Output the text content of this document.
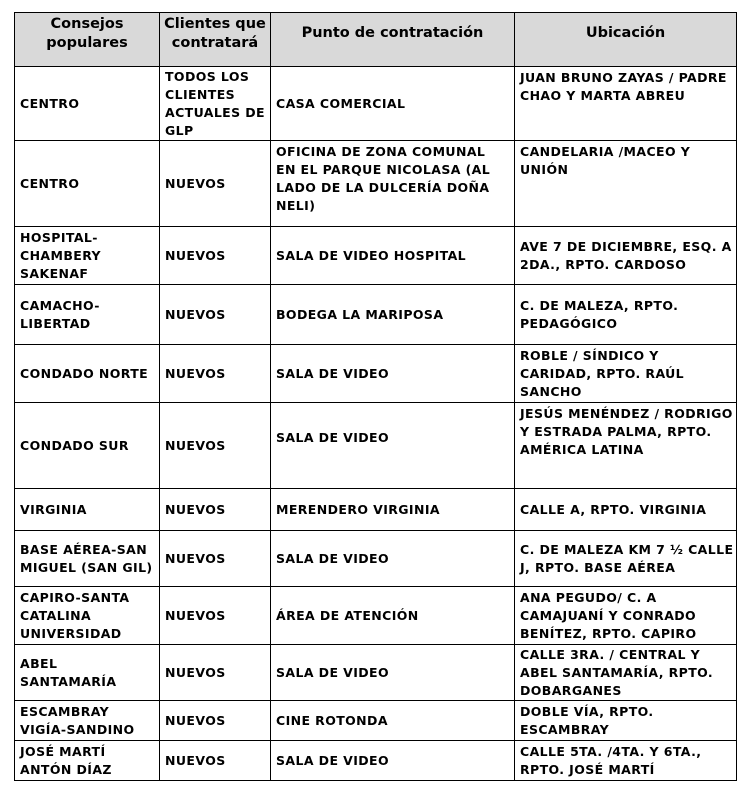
Consejos populares	Clientes que contratará	Punto de contratación	Ubicación
CENTRO	TODOS LOS CLIENTES ACTUALES DE GLP	CASA COMERCIAL	JUAN BRUNO ZAYAS / PADRE CHAO Y MARTA ABREU
CENTRO	NUEVOS	OFICINA DE ZONA COMUNAL EN EL PARQUE NICOLASA (AL LADO DE LA DULCERÍA DOÑA NELI)	CANDELARIA /MACEO Y UNIÓN
HOSPITAL-CHAMBERY SAKENAF	NUEVOS	SALA DE VIDEO HOSPITAL	AVE 7 DE DICIEMBRE, ESQ. A 2DA., RPTO. CARDOSO
CAMACHO-LIBERTAD	NUEVOS	BODEGA LA MARIPOSA	C. DE MALEZA, RPTO. PEDAGÓGICO
CONDADO NORTE	NUEVOS	SALA DE VIDEO	ROBLE / SÍNDICO Y CARIDAD, RPTO. RAÚL SANCHO
CONDADO SUR	NUEVOS	SALA DE VIDEO	JESÚS MENÉNDEZ / RODRIGO Y ESTRADA PALMA, RPTO. AMÉRICA LATINA
VIRGINIA	NUEVOS	MERENDERO VIRGINIA	CALLE A, RPTO. VIRGINIA
BASE AÉREA-SAN MIGUEL (SAN GIL)	NUEVOS	SALA DE VIDEO	C. DE MALEZA KM 7 ½ CALLE J, RPTO. BASE AÉREA
CAPIRO-SANTA CATALINA UNIVERSIDAD	NUEVOS	ÁREA DE ATENCIÓN	ANA PEGUDO/ C. A CAMAJUANÍ Y CONRADO BENÍTEZ, RPTO. CAPIRO
ABEL SANTAMARÍA	NUEVOS	SALA DE VIDEO	CALLE 3RA. / CENTRAL Y ABEL SANTAMARÍA, RPTO. DOBARGANES
ESCAMBRAY VIGÍA-SANDINO	NUEVOS	CINE ROTONDA	DOBLE VÍA, RPTO. ESCAMBRAY
JOSÉ MARTÍ ANTÓN DÍAZ	NUEVOS	SALA DE VIDEO	CALLE 5TA. /4TA. Y 6TA., RPTO. JOSÉ MARTÍ
